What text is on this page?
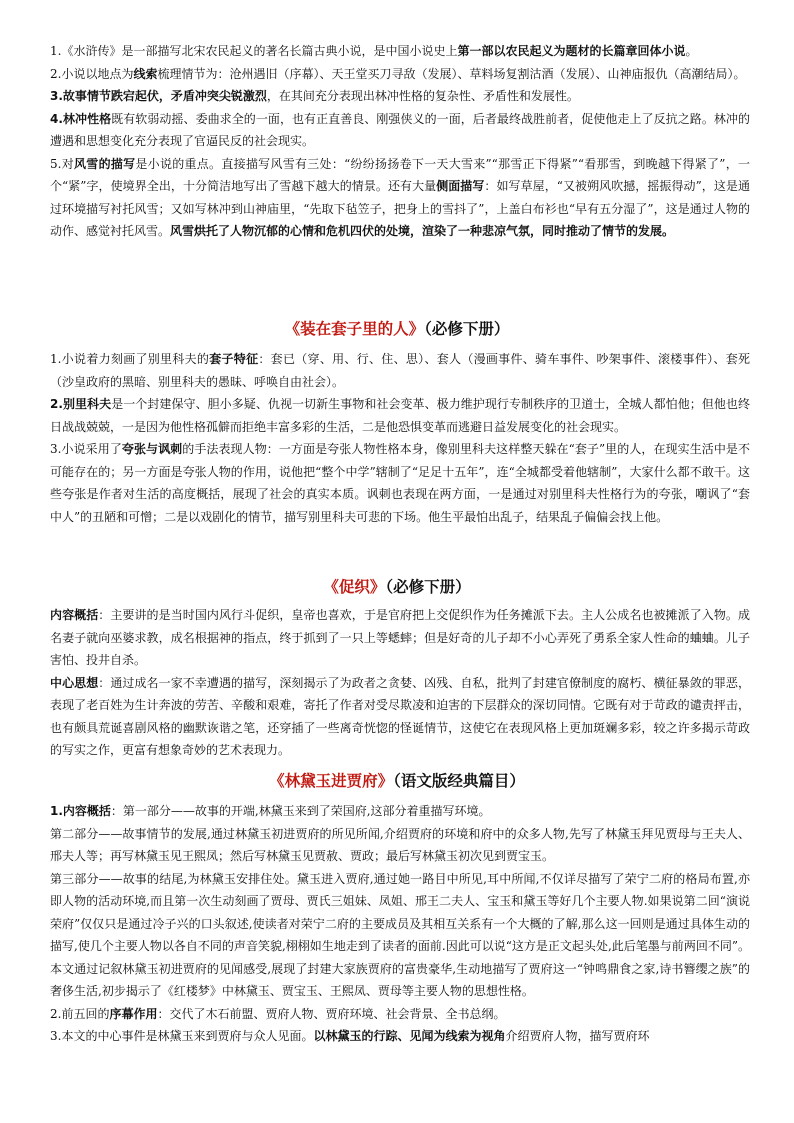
1.《水浒传》是一部描写北宋农民起义的著名长篇古典小说，是中国小说史上第一部以农民起义为题材的长篇章回体小说。

2.小说以地点为线索梳理情节为：沧州遇旧（序幕）、天王堂买刀寻敌（发展）、草料场复割沽酒（发展）、山神庙报仇（高潮结局）。

3.故事情节跌宕起伏，矛盾冲突尖锐激烈，在其间充分表现出林冲性格的复杂性、矛盾性和发展性。

4.林冲性格既有软弱动摇、委曲求全的一面，也有正直善良、刚强侠义的一面，后者最终战胜前者，促使他走上了反抗之路。林冲的遭遇和思想变化充分表现了官逼民反的社会现实。

5.对风雪的描写是小说的重点。直接描写风雪有三处：“纷纷扬扬卷下一天大雪来”“那雪正下得紧”“看那雪，到晚越下得紧了”，一个“紧”字，使境界全出，十分简洁地写出了雪越下越大的情景。还有大量侧面描写：如写草屋，“又被朔风吹撼，摇振得动”，这是通过环境描写衬托风雪；又如写林冲到山神庙里，“先取下毡笠子，把身上的雪抖了”，上盖白布衫也“早有五分湿了”，这是通过人物的动作、感觉衬托风雪。风雪烘托了人物沉郁的心情和危机四伏的处境，渲染了一种悲凉气氛，同时推动了情节的发展。

《装在套子里的人》（必修下册）

1.小说着力刻画了别里科夫的套子特征：套已（穿、用、行、住、思）、套人（漫画事件、骑车事件、吵架事件、滚楼事件）、套死（沙皇政府的黑暗、别里科夫的愚昧、呼唤自由社会）。

2.别里科夫是一个封建保守、胆小多疑、仇视一切新生事物和社会变革、极力维护现行专制秩序的卫道士，全城人都怕他；但他也终日战战兢兢，一是因为他性格孤僻而拒绝丰富多彩的生活，二是他恐惧变革而逃避日益发展变化的社会现实。

3.小说采用了夸张与讽刺的手法表现人物：一方面是夸张人物性格本身，像别里科夫这样整天躲在“套子”里的人，在现实生活中是不可能存在的；另一方面是夸张人物的作用，说他把“整个中学”辖制了“足足十五年”，连“全城都受着他辖制”，大家什么都不敢干。这些夸张是作者对生活的高度概括，展现了社会的真实本质。讽刺也表现在两方面，一是通过对别里科夫性格行为的夸张，嘲讽了“套中人”的丑陋和可憎；二是以戏剧化的情节，描写别里科夫可悲的下场。他生平最怕出乱子，结果乱子偏偏会找上他。

《促织》（必修下册）

内容概括：主要讲的是当时国内风行斗促织，皇帝也喜欢，于是官府把上交促织作为任务摊派下去。主人公成名也被摊派了入物。成名妻子就向巫婆求教，成名根据神的指点，终于抓到了一只上等蟋蟀；但是好奇的儿子却不小心弄死了勇系全家人性命的蛐蛐。儿子害怕、投井自杀。

中心思想：通过成名一家不幸遭遇的描写，深刻揭示了为政者之贪婪、凶残、自私，批判了封建官僚制度的腐朽、横征暴敛的罪恶，表现了老百姓为生计奔波的劳苦、辛酸和艰难，寄托了作者对受尽欺凌和迫害的下层群众的深切同情。它既有对于苛政的谴责抨击，也有颇具荒诞喜剧风格的幽默诙谐之笔，还穿插了一些离奇恍惚的怪诞情节，这使它在表现风格上更加斑斓多彩，较之许多揭示苛政的写实之作，更富有想象奇妙的艺术表现力。

《林黛玉进贾府》（语文版经典篇目）

1.内容概括：第一部分——故事的开端,林黛玉来到了荣国府,这部分着重描写环境。

第二部分——故事情节的发展,通过林黛玉初进贾府的所见所闻,介绍贾府的环境和府中的众多人物,先写了林黛玉拜见贾母与王夫人、邢夫人等；再写林黛玉见王熙凤；然后写林黛玉见贾赦、贾政；最后写林黛玉初次见到贾宝玉。

第三部分——故事的结尾,为林黛玉安排住处。黛玉进入贾府,通过她一路目中所见,耳中所闻,不仅详尽描写了荣宁二府的格局布置,亦即人物的活动环境,而且第一次生动刻画了贾母、贾氏三姐妹、凤姐、邢王二夫人、宝玉和黛玉等好几个主要人物.如果说第二回“演说荣府”仅仅只是通过冷子兴的口头叙述,使读者对荣宁二府的主要成员及其相互关系有一个大概的了解,那么这一回则是通过具体生动的描写,使几个主要人物以各自不同的声音笑貌,栩栩如生地走到了读者的面前.因此可以说“这方是正文起头处,此后笔墨与前两回不同”。本文通过记叙林黛玉初进贾府的见闻感受,展现了封建大家族贾府的富贵豪华,生动地描写了贾府这一“钟鸣鼎食之家,诗书簪缨之族”的奢侈生活,初步揭示了《红楼梦》中林黛玉、贾宝玉、王熙凤、贾母等主要人物的思想性格。

2.前五回的序幕作用：交代了木石前盟、贾府人物、贾府环境、社会背景、全书总纲。

3.本文的中心事件是林黛玉来到贾府与众人见面。以林黛玉的行踪、见闻为线索为视角介绍贾府人物，描写贾府环
